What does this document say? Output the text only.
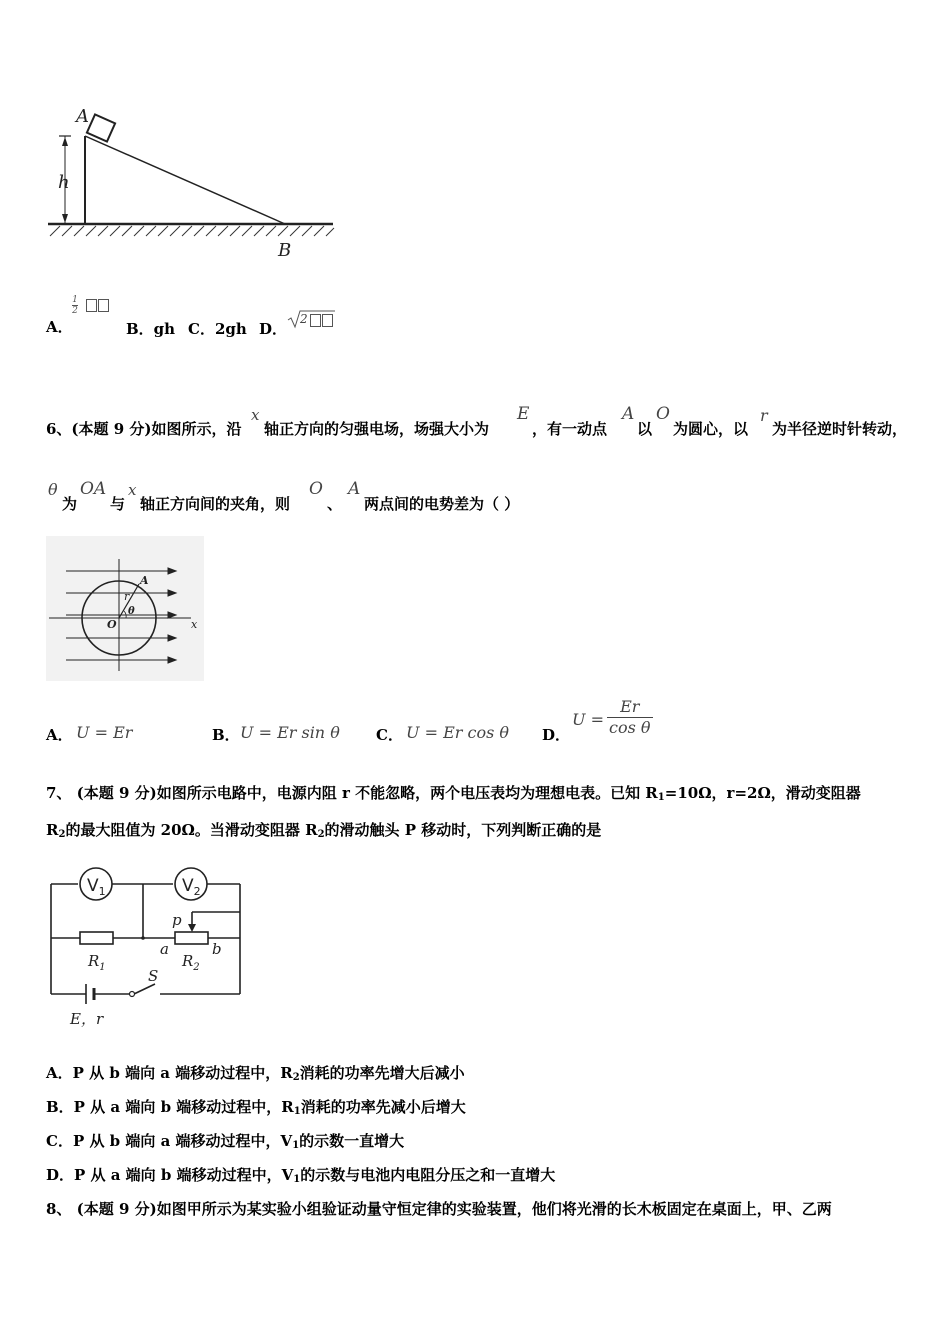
A
h
B
A．
1
2
B．gh C．2gh D．
2
6、(本题 9 分)如图所示，沿
x
轴正方向的匀强电场，场强大小为
E
，有一动点
A
以
O
为圆心，以
r
为半径逆时针转动，
θ
为
OA
与
x
轴正方向间的夹角，则
O
、
A
两点间的电势差为（ ）
A
r
θ
O	x
A． U = Er	B． U = Er sin θ C． U = Er cos θ D．
U =
Er
cos θ
7、 (本题 9 分)如图所示电路中，电源内阻 r 不能忽略，两个电压表均为理想电表。已知 $R_1=10\Omega$，r=2Ω，滑动变阻器
$R_2$的最大阻值为 20Ω。当滑动变阻器 $R_2$的滑动触头 P 移动时，下列判断正确的是
$V_1$	$V_2$
p
a	b
$R_1$	$R_2$
S
E，r
A．P 从 b 端向 a 端移动过程中，$R_2$消耗的功率先增大后减小
B．P 从 a 端向 b 端移动过程中，$R_1$消耗的功率先减小后增大
C．P 从 b 端向 a 端移动过程中，$V_1$的示数一直增大
D．P 从 a 端向 b 端移动过程中，$V_1$的示数与电池内电阻分压之和一直增大
8、 (本题 9 分)如图甲所示为某实验小组验证动量守恒定律的实验装置，他们将光滑的长木板固定在桌面上，甲、乙两
